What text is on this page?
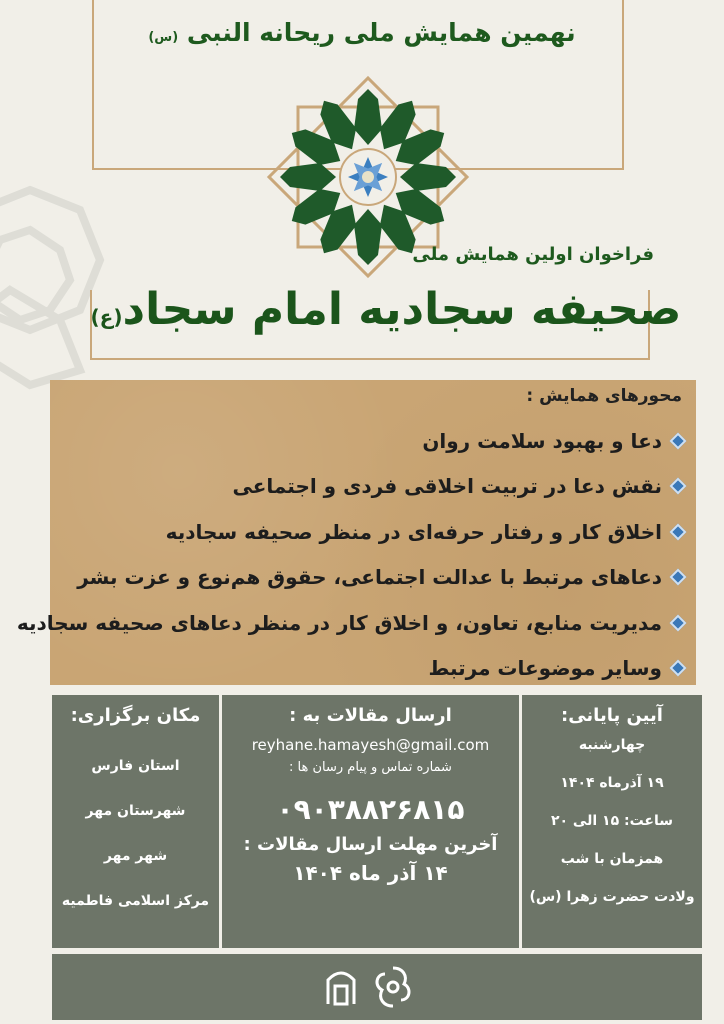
نهمین همایش ملی ریحانه النبی (س)
فراخوان اولین همایش ملی
صحیفه سجادیه امام سجاد(ع)
محورهای همایش :
دعا و بهبود سلامت روان
نقش دعا در تربیت اخلاقی فردی و اجتماعی
اخلاق کار و رفتار حرفه‌ای در منظر صحیفه سجادیه
دعاهای مرتبط با عدالت اجتماعی، حقوق هم‌نوع و عزت بشر
مدیریت منابع، تعاون، و اخلاق کار در منظر دعاهای صحیفه سجادیه
وسایر موضوعات مرتبط
آیین پایانی:
چهارشنبه
۱۹ آذرماه ۱۴۰۴
ساعت: ۱۵ الی ۲۰
همزمان با شب
ولادت حضرت زهرا (س)
ارسال مقالات به :
reyhane.hamayesh@gmail.com
شماره تماس و پیام رسان ها :
۰۹۰۳۸۸۲۶۸۱۵
آخرین مهلت ارسال مقالات :
۱۴ آذر ماه ۱۴۰۴
مکان برگزاری:
استان فارس
شهرستان مهر
شهر مهر
مرکز اسلامی فاطمیه
